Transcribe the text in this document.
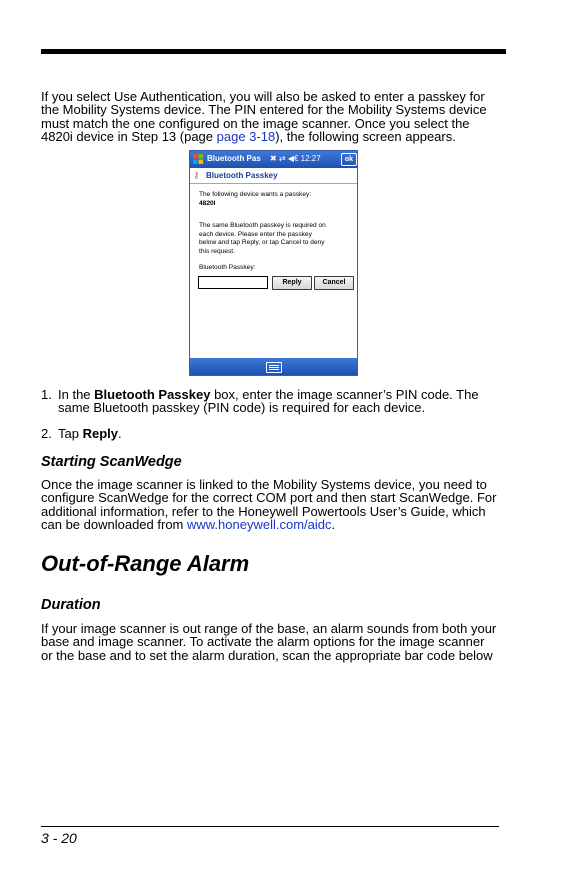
If you select Use Authentication, you will also be asked to enter a passkey for
the Mobility Systems device. The PIN entered for the Mobility Systems device
must match the one configured on the image scanner. Once you select the
4820i device in Step 13 (page page 3-18), the following screen appears.
Bluetooth Pas	✖ ⇄ ◀€ 12:27	ok
⚷ Bluetooth Passkey
The following device wants a passkey:
4820I
The same Bluetooth passkey is required on
each device. Please enter the passkey
below and tap Reply, or tap Cancel to deny
this request.
Bluetooth Passkey:
Reply	Cancel
1. In the Bluetooth Passkey box, enter the image scanner’s PIN code. The
same Bluetooth passkey (PIN code) is required for each device.
2. Tap Reply.
Starting ScanWedge
Once the image scanner is linked to the Mobility Systems device, you need to
configure ScanWedge for the correct COM port and then start ScanWedge. For
additional information, refer to the Honeywell Powertools User’s Guide, which
can be downloaded from www.honeywell.com/aidc.
Out-of-Range Alarm
Duration
If your image scanner is out range of the base, an alarm sounds from both your
base and image scanner. To activate the alarm options for the image scanner
or the base and to set the alarm duration, scan the appropriate bar code below
3 - 20
